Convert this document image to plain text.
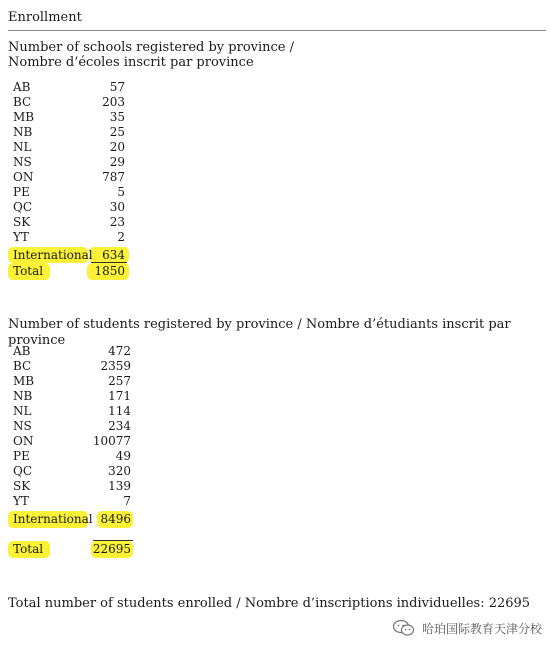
Enrollment
Number of schools registered by province /
Nombre d’écoles inscrit par province
AB	57
BC	203
MB	35
NB	25
NL	20
NS	29
ON	787
PE	5
QC	30
SK	23
YT	2
International 634
Total	1850
Number of students registered by province / Nombre d’étudiants inscrit par province
AB	472
BC	2359
MB	257
NB	171
NL	114
NS	234
ON	10077
PE	49
QC	320
SK	139
YT	7
International 8496
Total	22695
Total number of students enrolled / Nombre d’inscriptions individuelles: 22695
哈珀国际教育天津分校
